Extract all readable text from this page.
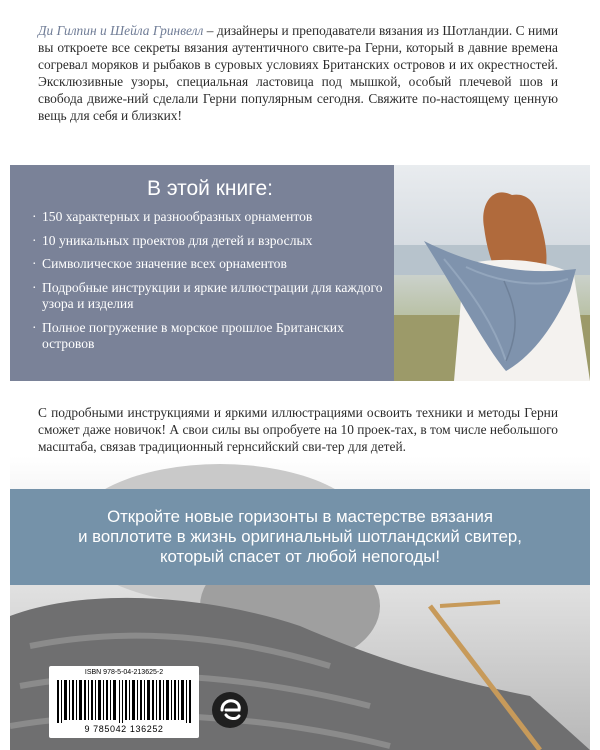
Ди Гилпин и Шейла Гринвелл – дизайнеры и преподаватели вязания из Шотландии. С ними вы откроете все секреты вязания аутентичного свите-ра Герни, который в давние времена согревал моряков и рыбаков в суровых условиях Британских островов и их окрестностей. Эксклюзивные узоры, специальная ластовица под мышкой, особый плечевой шов и свобода движе-ний сделали Герни популярным сегодня. Свяжите по-настоящему ценную вещь для себя и близких!
В этой книге:
· 150 характерных и разнообразных орнаментов
· 10 уникальных проектов для детей и взрослых
· Символическое значение всех орнаментов
· Подробные инструкции и яркие иллюстрации для каждого узора и изделия
· Полное погружение в морское прошлое Британских островов
С подробными инструкциями и яркими иллюстрациями освоить техники и методы Герни сможет даже новичок! А свои силы вы опробуете на 10 проек-тах, в том числе небольшого масштаба, связав традиционный гернсийский сви-тер для детей.
Откройте новые горизонты в мастерстве вязания
и воплотите в жизнь оригинальный шотландский свитер,
который спасет от любой непогоды!
ISBN 978-5-04-213625-2
9 785042 136252
